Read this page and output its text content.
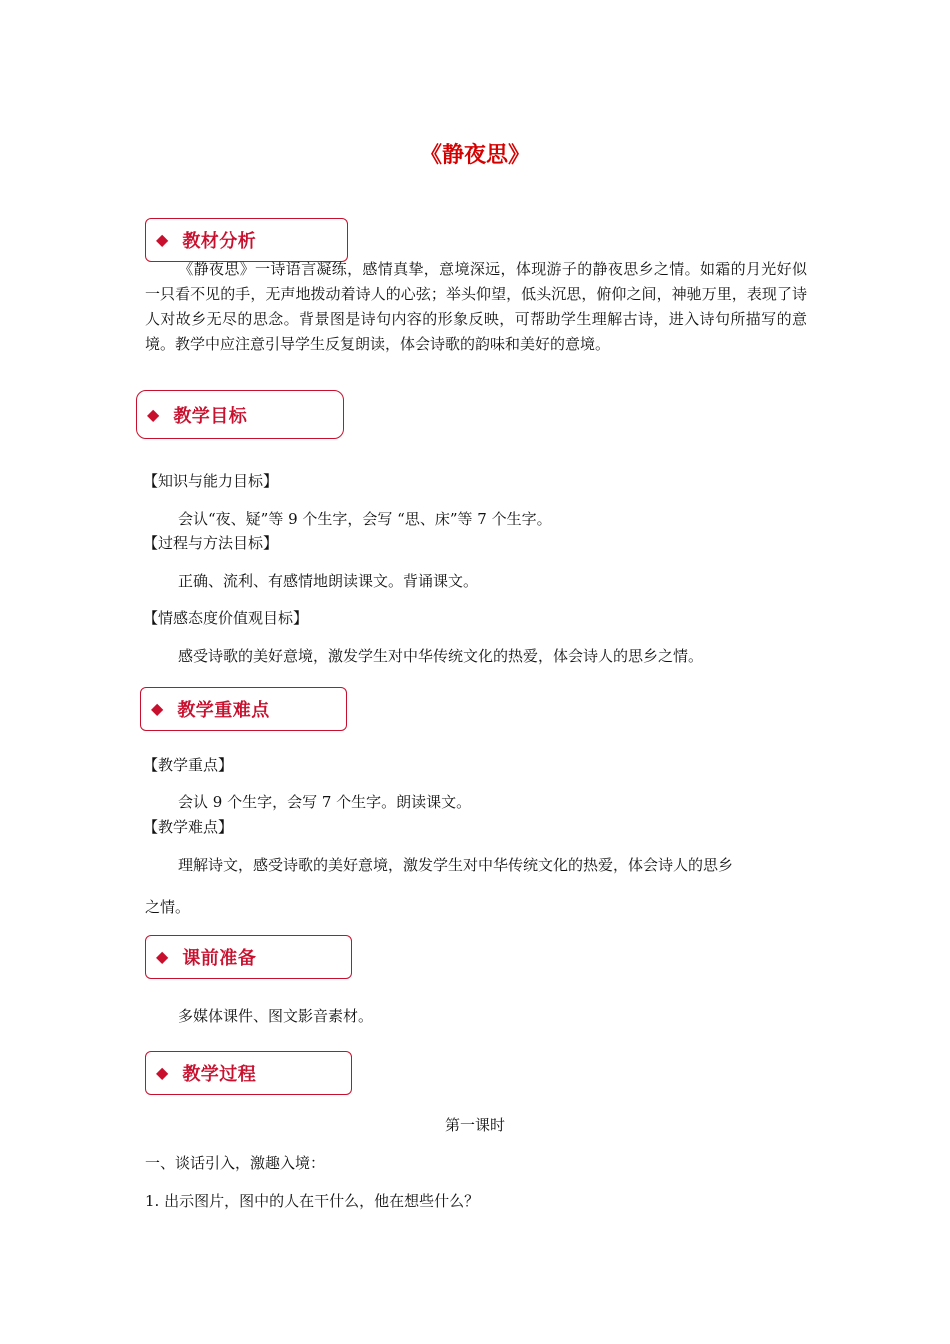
《静夜思》
◆ 教材分析
《静夜思》一诗语言凝练，感情真挚，意境深远，体现游子的静夜思乡之情。如霜的月光好似一只看不见的手，无声地拨动着诗人的心弦；举头仰望，低头沉思，俯仰之间，神驰万里，表现了诗人对故乡无尽的思念。背景图是诗句内容的形象反映，可帮助学生理解古诗，进入诗句所描写的意境。教学中应注意引导学生反复朗读，体会诗歌的韵味和美好的意境。
◆ 教学目标
【知识与能力目标】
会认“夜、疑”等 9 个生字，会写 “思、床”等 7 个生字。
【过程与方法目标】
正确、流利、有感情地朗读课文。背诵课文。
【情感态度价值观目标】
感受诗歌的美好意境，激发学生对中华传统文化的热爱，体会诗人的思乡之情。
◆ 教学重难点
【教学重点】
会认 9 个生字，会写 7 个生字。朗读课文。
【教学难点】
理解诗文，感受诗歌的美好意境，激发学生对中华传统文化的热爱，体会诗人的思乡
之情。
◆ 课前准备
多媒体课件、图文影音素材。
◆ 教学过程
第一课时
一、谈话引入，激趣入境：
1. 出示图片，图中的人在干什么，他在想些什么？
